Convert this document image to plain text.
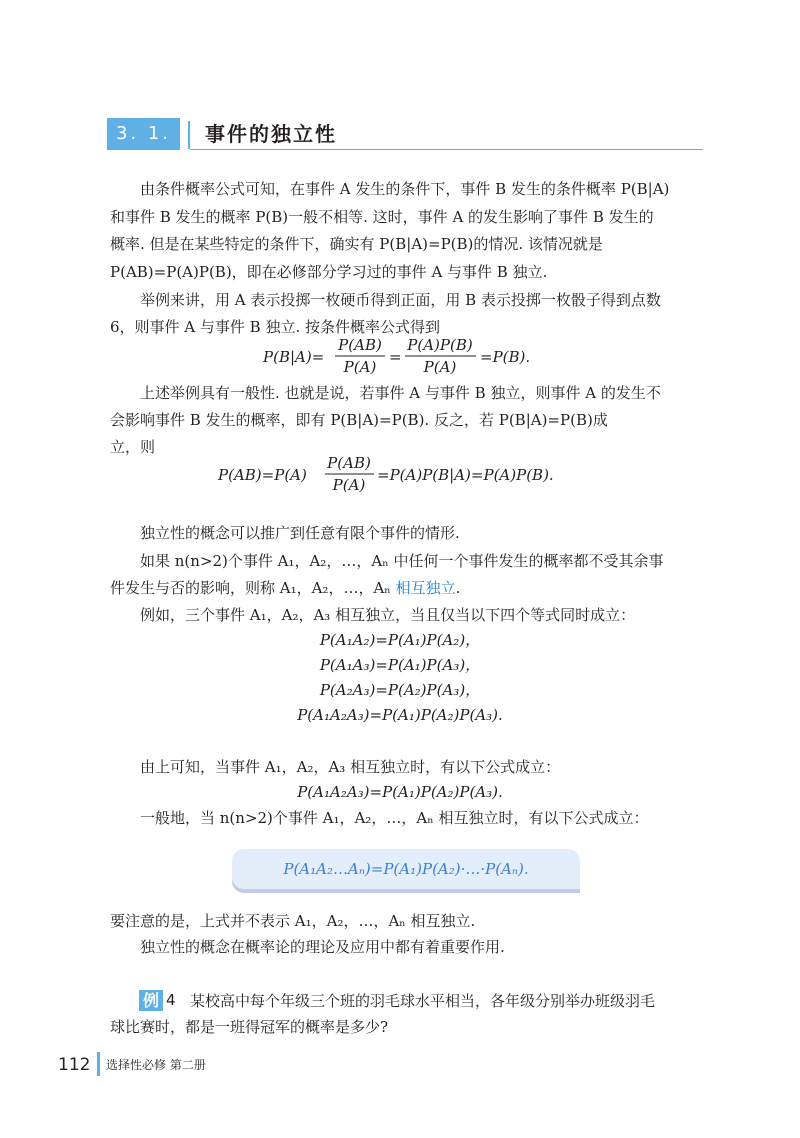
3. 1. 2
事件的独立性
由条件概率公式可知，在事件 A 发生的条件下，事件 B 发生的条件概率 P(B|A)
和事件 B 发生的概率 P(B)一般不相等. 这时，事件 A 的发生影响了事件 B 发生的
概率. 但是在某些特定的条件下，确实有 P(B|A)=P(B)的情况. 该情况就是
P(AB)=P(A)P(B)，即在必修部分学习过的事件 A 与事件 B 独立.
举例来讲，用 A 表示投掷一枚硬币得到正面，用 B 表示投掷一枚骰子得到点数
6，则事件 A 与事件 B 独立. 按条件概率公式得到
P(B|A)=
P(AB)
P(A)
=
P(A)P(B)
P(A)
=P(B).
上述举例具有一般性. 也就是说，若事件 A 与事件 B 独立，则事件 A 的发生不
会影响事件 B 发生的概率，即有 P(B|A)=P(B). 反之，若 P(B|A)=P(B)成
立，则
P(AB)=P(A)
P(AB)
P(A)
=P(A)P(B|A)=P(A)P(B).
独立性的概念可以推广到任意有限个事件的情形.
如果 n(n>2)个事件 A₁，A₂，…，Aₙ 中任何一个事件发生的概率都不受其余事
件发生与否的影响，则称 A₁，A₂，…，Aₙ 相互独立.
例如，三个事件 A₁，A₂，A₃ 相互独立，当且仅当以下四个等式同时成立：
P(A₁A₂)=P(A₁)P(A₂)，
P(A₁A₃)=P(A₁)P(A₃)，
P(A₂A₃)=P(A₂)P(A₃)，
P(A₁A₂A₃)=P(A₁)P(A₂)P(A₃).
由上可知，当事件 A₁，A₂，A₃ 相互独立时，有以下公式成立：
P(A₁A₂A₃)=P(A₁)P(A₂)P(A₃).
一般地，当 n(n>2)个事件 A₁，A₂，…，Aₙ 相互独立时，有以下公式成立：
P(A₁A₂…Aₙ)=P(A₁)P(A₂)·…·P(Aₙ).
要注意的是，上式并不表示 A₁，A₂，…，Aₙ 相互独立.
独立性的概念在概率论的理论及应用中都有着重要作用.
例 4 某校高中每个年级三个班的羽毛球水平相当，各年级分别举办班级羽毛
球比赛时，都是一班得冠军的概率是多少?
112 选择性必修 第二册
